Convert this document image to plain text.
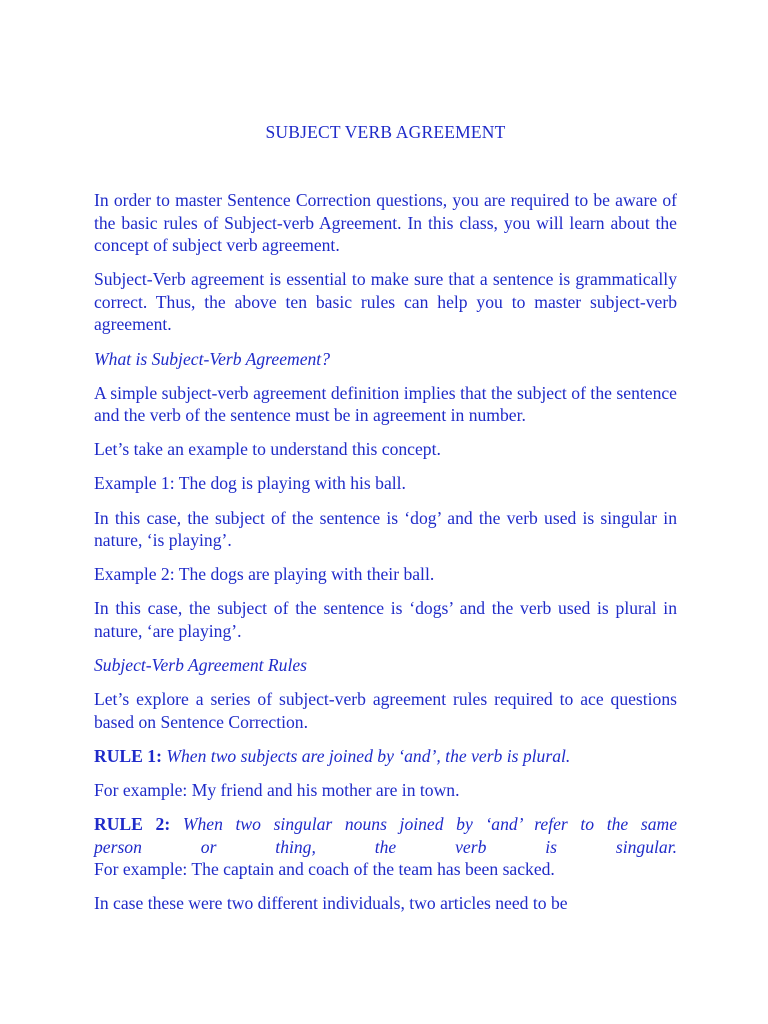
SUBJECT VERB AGREEMENT

In order to master Sentence Correction questions, you are required to be aware of the basic rules of Subject-verb Agreement. In this class, you will learn about the concept of subject verb agreement.

Subject-Verb agreement is essential to make sure that a sentence is grammatically correct. Thus, the above ten basic rules can help you to master subject-verb agreement.

What is Subject-Verb Agreement?

A simple subject-verb agreement definition implies that the subject of the sentence and the verb of the sentence must be in agreement in number.

Let’s take an example to understand this concept.

Example 1: The dog is playing with his ball.

In this case, the subject of the sentence is ‘dog’ and the verb used is singular in nature, ‘is playing’.

Example 2: The dogs are playing with their ball.

In this case, the subject of the sentence is ‘dogs’ and the verb used is plural in nature, ‘are playing’.

Subject-Verb Agreement Rules

Let’s explore a series of subject-verb agreement rules required to ace questions based on Sentence Correction.

RULE 1: When two subjects are joined by ‘and’, the verb is plural.

For example: My friend and his mother are in town.

RULE 2: When two singular nouns joined by ‘and’ refer to the same
person or thing, the verb is singular.
For example: The captain and coach of the team has been sacked.

In case these were two different individuals, two articles need to be
